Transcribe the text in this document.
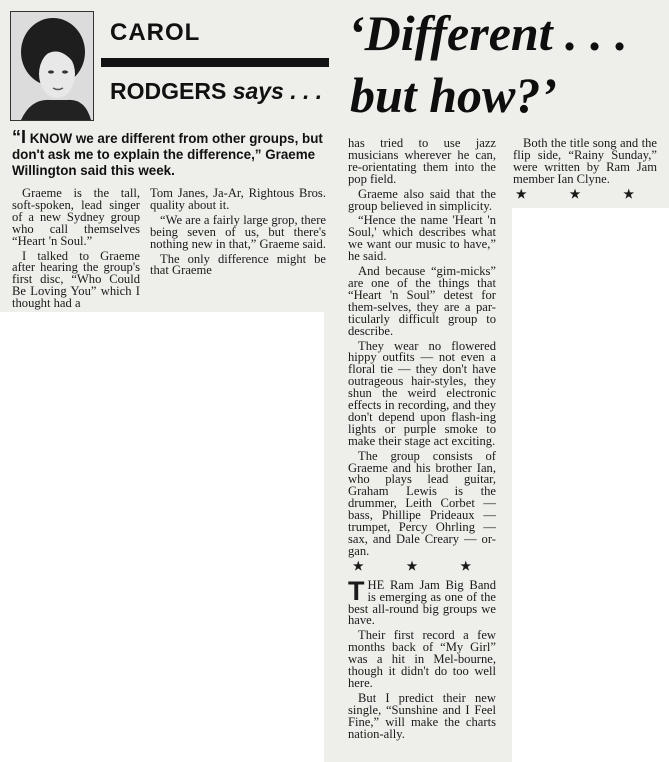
CAROL
RODGERS says . . .
‘Different . . .
but how?’
“I KNOW we are different from other groups, but don't ask me to explain the difference,” Graeme Willington said this week.

Graeme is the tall, soft-spoken, lead singer of a new Sydney group who call themselves “Heart 'n Soul.”

I talked to Graeme after hearing the group's first disc, “Who Could Be Loving You” which I thought had a

Tom Janes, Ja-Ar, Rightous Bros. quality about it.

“We are a fairly large grop, there being seven of us, but there's nothing new in that,” Graeme said.

The only difference might be that Graeme

has tried to use jazz musicians wherever he can, re-orientating them into the pop field.

Graeme also said that the group believed in simplicity.

“Hence the name 'Heart 'n Soul,' which describes what we want our music to have,” he said.

And because “gim-micks” are one of the things that “Heart 'n Soul” detest for them-selves, they are a par-ticularly difficult group to describe.

They wear no flowered hippy outfits — not even a floral tie — they don't have outrageous hair-styles, they shun the weird electronic effects in recording, and they don't depend upon flash-ing lights or purple smoke to make their stage act exciting.

The group consists of Graeme and his brother Ian, who plays lead guitar, Graham Lewis is the drummer, Leith Corbet — bass, Phillipe Prideaux — trumpet, Percy Ohrling — sax, and Dale Creary — or-gan.

★ ★ ★

THE Ram Jam Big Band is emerging as one of the best all-round big groups we have.

Their first record a few months back of “My Girl” was a hit in Mel-bourne, though it didn't do too well here.

But I predict their new single, “Sunshine and I Feel Fine,” will make the charts nation-ally.

Both the title song and the flip side, “Rainy Sunday,” were written by Ram Jam member Ian Clyne.

★ ★ ★
